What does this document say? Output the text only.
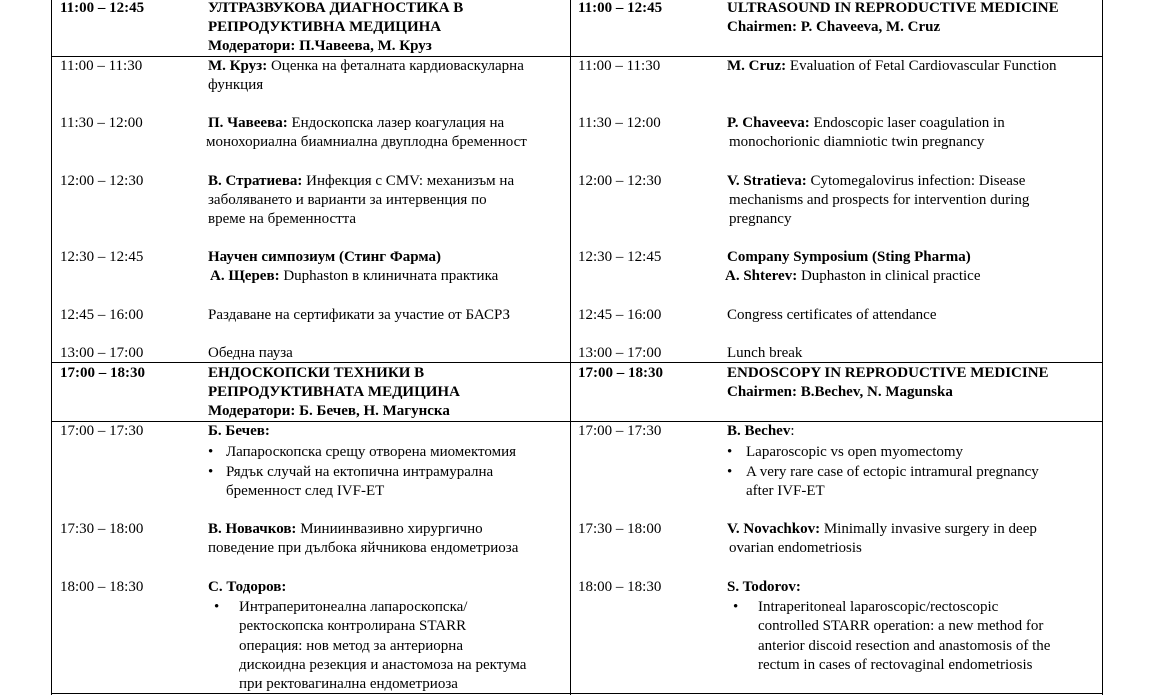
11:00 – 12:45	УЛТРАЗВУКОВА ДИАГНОСТИКА В
РЕПРОДУКТИВНА МЕДИЦИНА
Модератори: П.Чавеева, М. Круз
11:00 – 11:30	М. Круз: Оценка на феталната кардиоваскуларна
функция
11:30 – 12:00	П. Чавеева: Ендоскопска лазер коагулация на
монохориална биамниална двуплодна бременност
12:00 – 12:30	В. Стратиева: Инфекция с CMV: механизъм на
заболяването и варианти за интервенция по
време на бременността
12:30 – 12:45	Научен симпозиум (Стинг Фарма)
А. Щерев: Duphaston в клиничната практика
12:45 – 16:00	Раздаване на сертификати за участие от БАСРЗ
13:00 – 17:00	Обедна пауза
17:00 – 18:30	ЕНДОСКОПСКИ ТЕХНИКИ В
РЕПРОДУКТИВНАТА МЕДИЦИНА
Модератори: Б. Бечев, Н. Магунска
17:00 – 17:30	Б. Бечев:
• Лапароскопска срещу отворена миомектомия
• Рядък случай на ектопична интрамурална
бременност след IVF-ET
17:30 – 18:00	В. Новачков: Миниинвазивно хирургично
поведение при дълбока яйчникова ендометриоза
18:00 – 18:30	С. Тодоров:
• Интраперитонеална лапароскопска/
ректоскопска контролирана STARR
операция: нов метод за антериорна
дискоидна резекция и анастомоза на ректума
при ректовагинална ендометриоза
11:00 – 12:45	ULTRASOUND IN REPRODUCTIVE MEDICINE
Chairmen: P. Chaveeva, M. Cruz
11:00 – 11:30	M. Cruz: Evaluation of Fetal Cardiovascular Function
11:30 – 12:00	P. Chaveeva: Endoscopic laser coagulation in
monochorionic diamniotic twin pregnancy
12:00 – 12:30	V. Stratieva: Cytomegalovirus infection: Disease
mechanisms and prospects for intervention during
pregnancy
12:30 – 12:45	Company Symposium (Sting Pharma)
A. Shterev: Duphaston in clinical practice
12:45 – 16:00	Congress certificates of attendance
13:00 – 17:00	Lunch break
17:00 – 18:30	ENDOSCOPY IN REPRODUCTIVE MEDICINE
Chairmen: B.Bechev, N. Magunska
17:00 – 17:30	B. Bechev:
• Laparoscopic vs open myomectomy
• A very rare case of ectopic intramural pregnancy
after IVF-ET
17:30 – 18:00	V. Novachkov: Minimally invasive surgery in deep
ovarian endometriosis
18:00 – 18:30	S. Todorov:
• Intraperitoneal laparoscopic/rectoscopic
controlled STARR operation: a new method for
anterior discoid resection and anastomosis of the
rectum in cases of rectovaginal endometriosis
